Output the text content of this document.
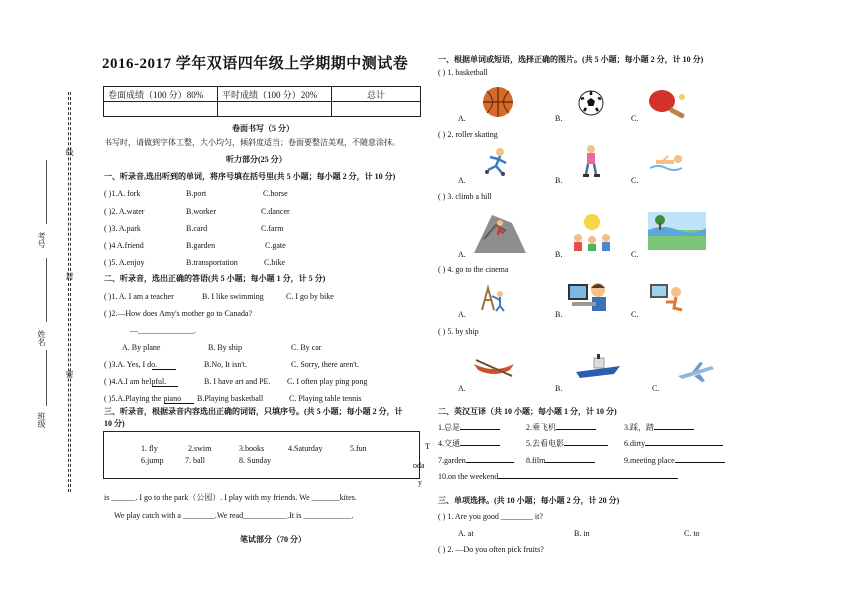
考号
姓名
班级
线
封
密
2016-2017 学年双语四年级上学期期中测试卷
卷面成绩（100 分）80%	平时成绩（100 分）20%	总计

卷面书写（5 分）
书写时，请做到字体工整，大小均匀，倾斜度适当；卷面要整洁美观，不随意涂抹。
听力部分(25 分）
一、听录音,选出听到的单词，将序号填在括号里(共 5 小题；每小题 2 分，计 10 分)
( )1.A. fork	B.port	C.horse
( )2. A.water	B.worker	C.dancer
( )3. A.park	B.card	C.farm
( )4 A.friend	B.garden	C.gate
( )5. A.enjoy	B.transportation	C.bike
二、听录音，选出正确的答语(共 5 小题；每小题 1 分，计 5 分)
( )1. A. I am a teacher	B. I like swimming	C. I go by bike
( )2.—How does Amy's mother go to Canada?
—______________.
A. By plane	B. By ship	C. By car
( )3.A. Yes, I do.	B.No, It isn't.	C. Sorry, there aren't.
( )4.A.I am helpful.	B. I have art and PE. C. I often play ping pong
( )5.A.Playing the piano B.Playing basketball	C. Playing table tennis
三、听录音，根据录音内容选出正确的词语，只填序号。(共 5 小题；每小题 2 分，计
10 分)
1. fly	2.swim	3.books	4.Saturday	5.fun
6.jump	7. ball	8. Sunday
T
oda
y
is ______. I go to the park（公园）. I play with my friends. We _______kites.
We play catch with a ________.We read___________.It is ____________.
笔试部分（70 分）
一、根据单词或短语，选择正确的图片。(共 5 小题；每小题 2 分，计 10 分)
( ) 1. basketball
A.	B.	C.
( ) 2. roller skating
A.	B.	C.
( ) 3. climb a hill
A.	B.	C.
( ) 4. go to the cinema
A.	B.	C.
( ) 5. by ship
A.	B.	C.
二、英汉互译（共 10 小题；每小题 1 分，计 10 分)
1.总是	2.乘飞机	3.踩，踏
4.交通	5.去看电影	6.dirty
7.garden	8.film	9.meeting place
10.on the weekend
三、单项选择。(共 10 小题；每小题 2 分，计 20 分)
( ) 1. Are you good ________ it?
A. at	B. in	C. to
( ) 2. —Do you often pick fruits?
